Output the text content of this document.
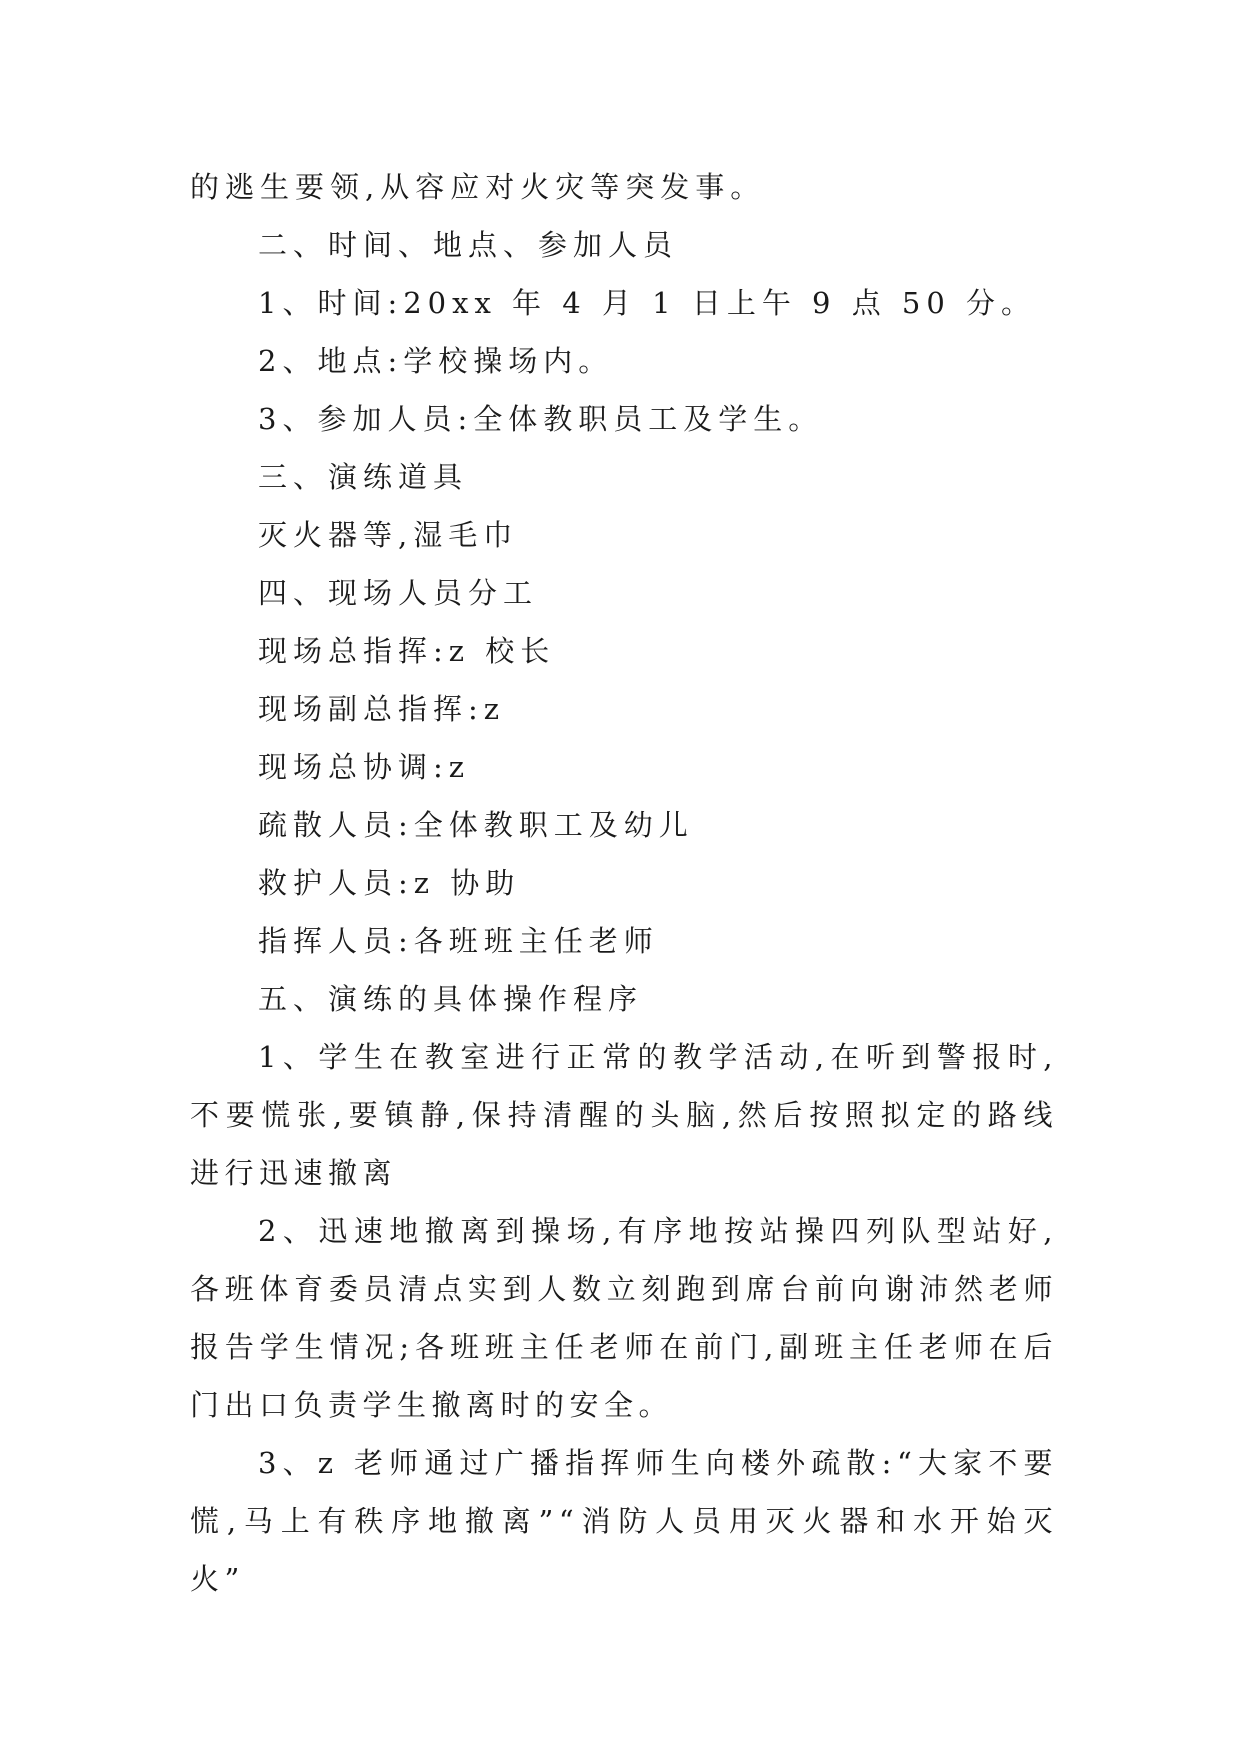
的逃生要领,从容应对火灾等突发事。
二、时间、地点、参加人员
1、时间:20xx 年 4 月 1 日上午 9 点 50 分。
2、地点:学校操场内。
3、参加人员:全体教职员工及学生。
三、演练道具
灭火器等,湿毛巾
四、现场人员分工
现场总指挥:z 校长
现场副总指挥:z
现场总协调:z
疏散人员:全体教职工及幼儿
救护人员:z 协助
指挥人员:各班班主任老师
五、演练的具体操作程序

1、学生在教室进行正常的教学活动,在听到警报时,不要慌张,要镇静,保持清醒的头脑,然后按照拟定的路线进行迅速撤离

2、迅速地撤离到操场,有序地按站操四列队型站好,各班体育委员清点实到人数立刻跑到席台前向谢沛然老师报告学生情况;各班班主任老师在前门,副班主任老师在后门出口负责学生撤离时的安全。

3、z 老师通过广播指挥师生向楼外疏散:“大家不要慌,马上有秩序地撤离”“消防人员用灭火器和水开始灭火”
